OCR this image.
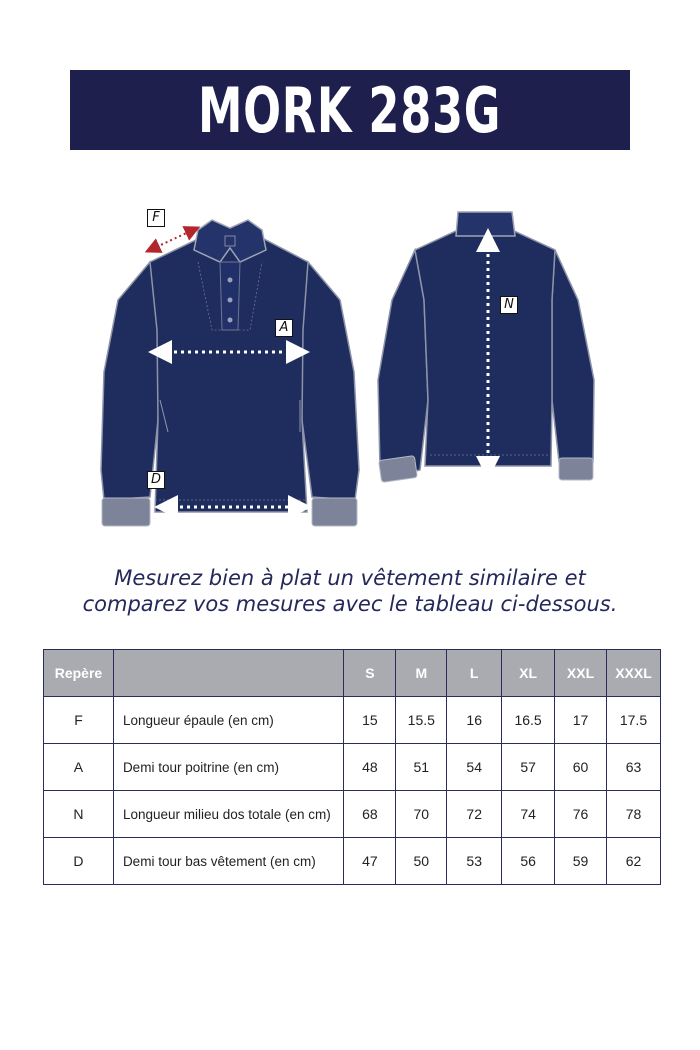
MORK 283G
F
A
D
N
Mesurez bien à plat un vêtement similaire et
comparez vos mesures avec le tableau ci-dessous.
Repère		S	M	L	XL	XXL	XXXL
F	Longueur épaule (en cm)	15	15.5	16	16.5	17	17.5
A	Demi tour poitrine (en cm)	48	51	54	57	60	63
N	Longueur milieu dos totale (en cm)	68	70	72	74	76	78
D	Demi tour bas vêtement (en cm)	47	50	53	56	59	62
